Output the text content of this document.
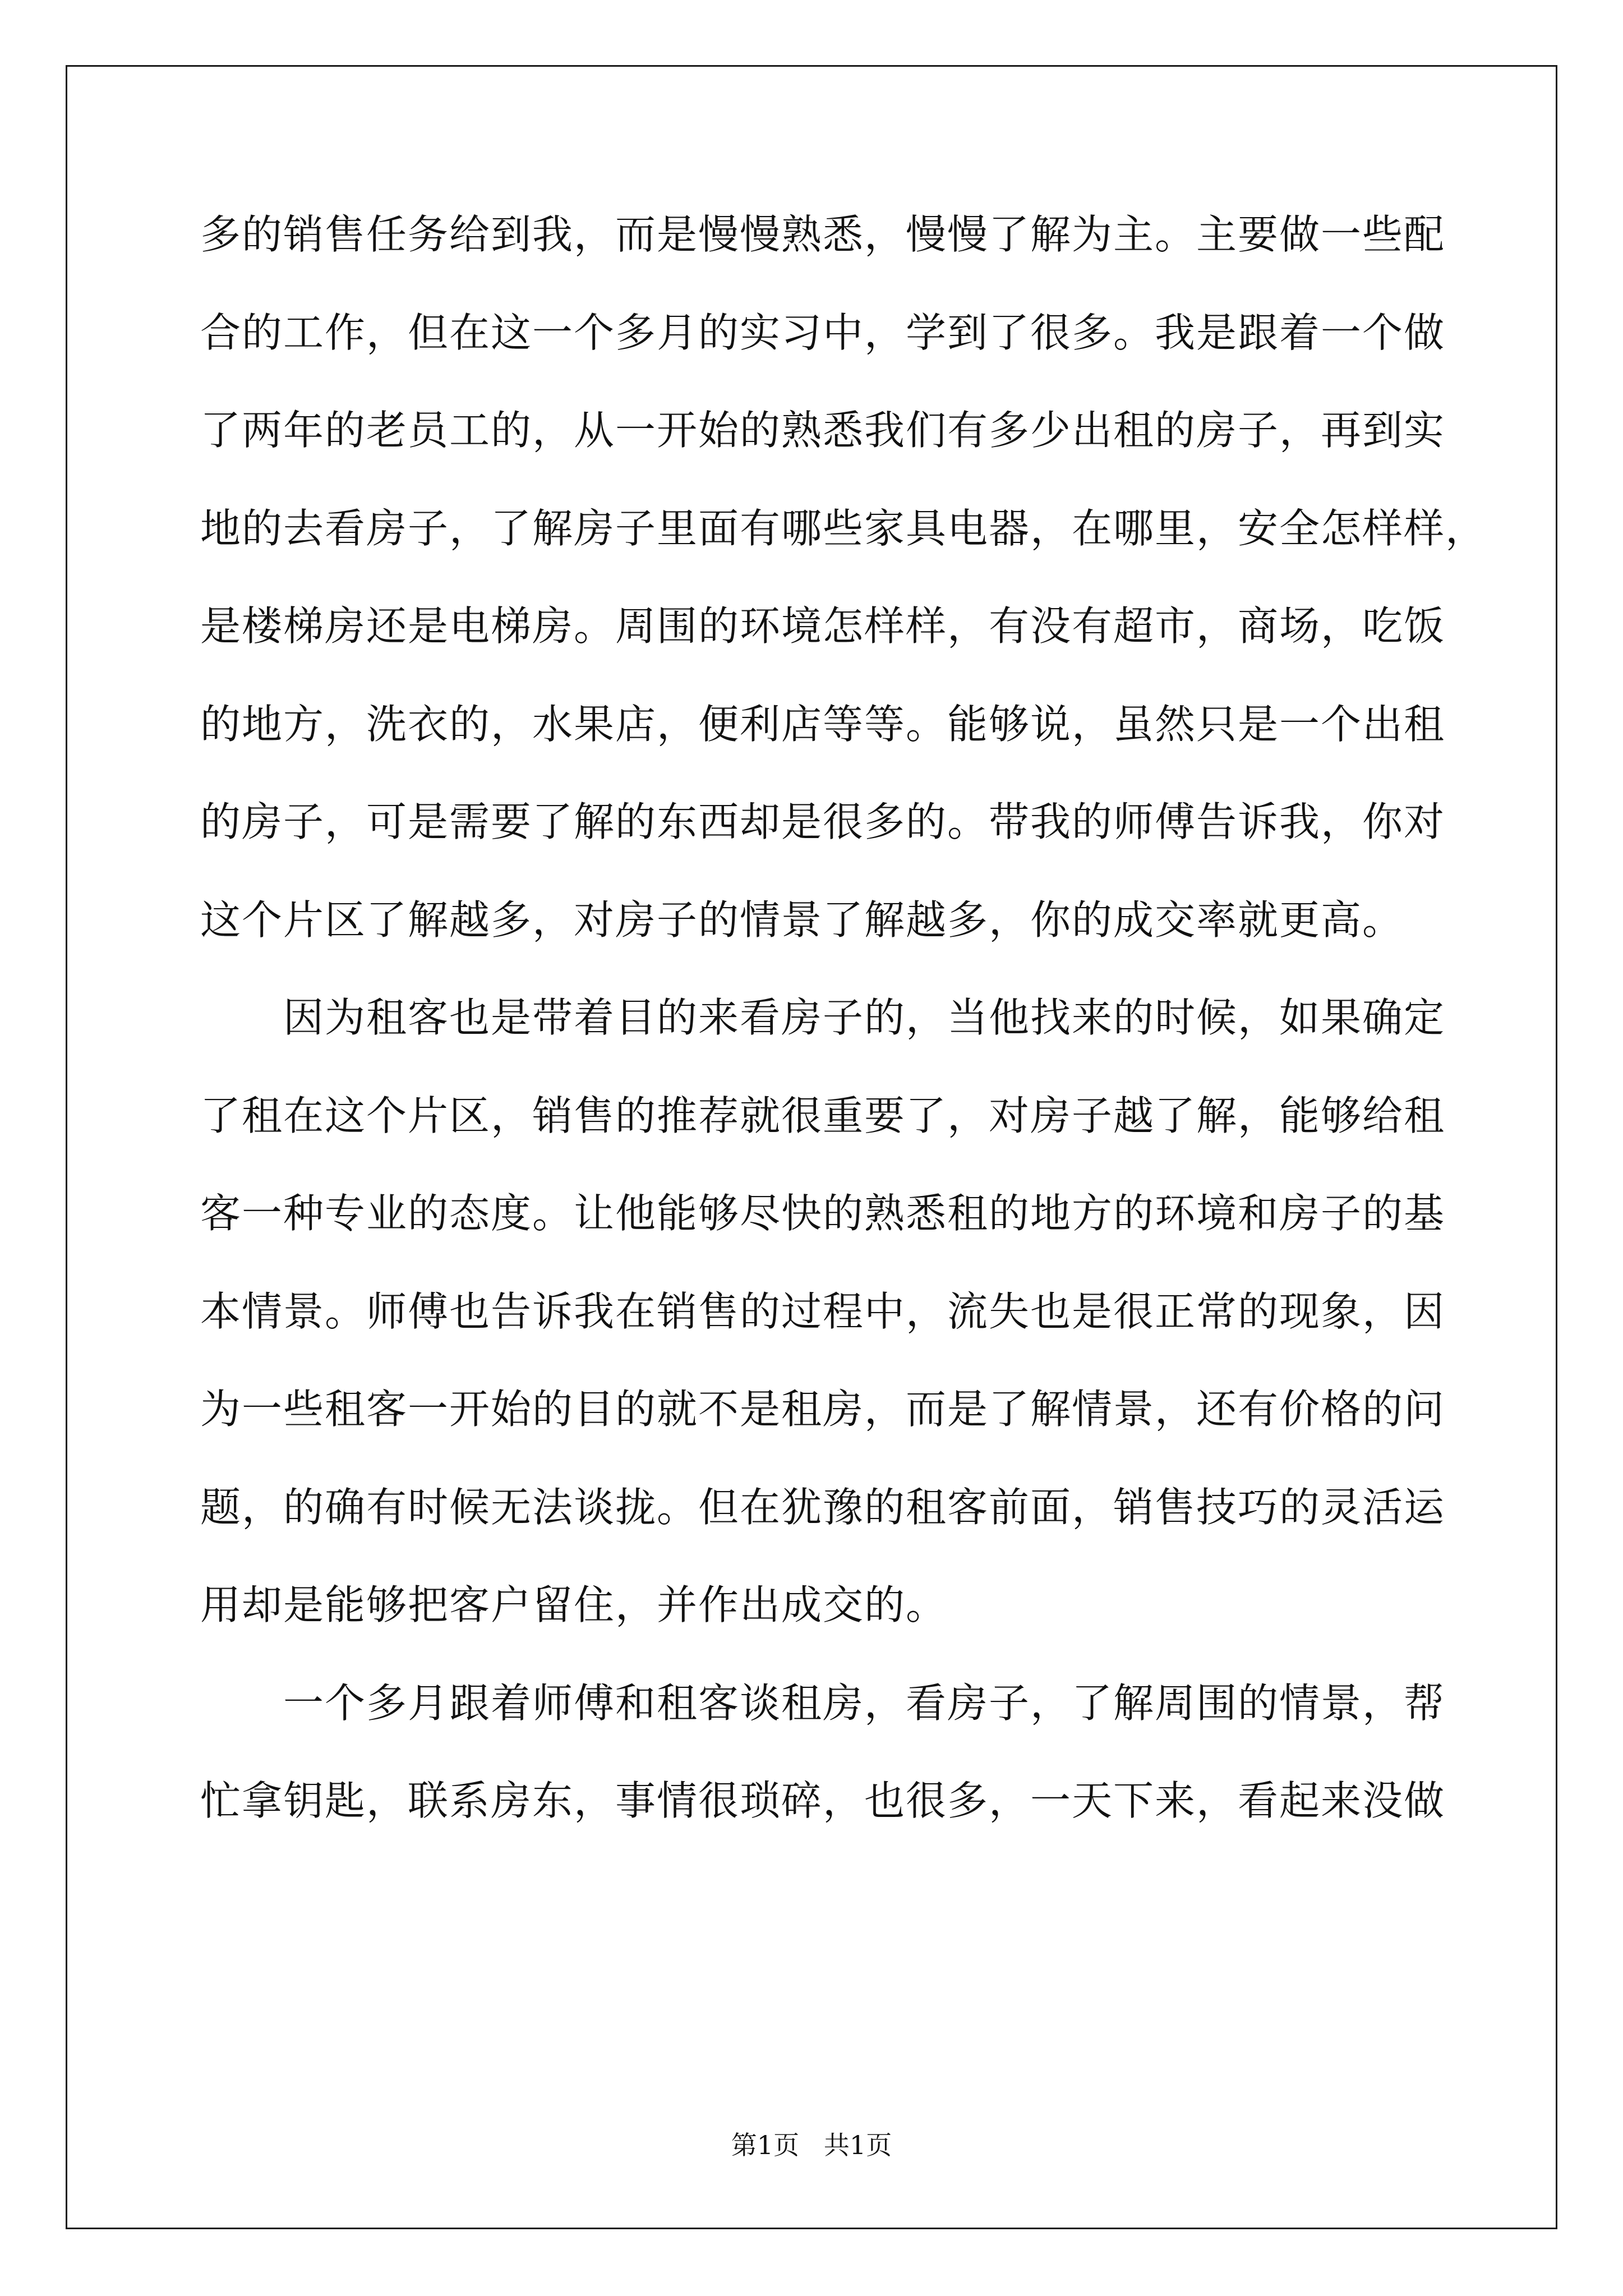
多的销售任务给到我，而是慢慢熟悉，慢慢了解为主。主要做一些配
合的工作，但在这一个多月的实习中，学到了很多。我是跟着一个做
了两年的老员工的，从一开始的熟悉我们有多少出租的房子，再到实
地的去看房子，了解房子里面有哪些家具电器，在哪里，安全怎样样，
是楼梯房还是电梯房。周围的环境怎样样，有没有超市，商场，吃饭
的地方，洗衣的，水果店，便利店等等。能够说，虽然只是一个出租
的房子，可是需要了解的东西却是很多的。带我的师傅告诉我，你对
这个片区了解越多，对房子的情景了解越多，你的成交率就更高。
因为租客也是带着目的来看房子的，当他找来的时候，如果确定
了租在这个片区，销售的推荐就很重要了，对房子越了解，能够给租
客一种专业的态度。让他能够尽快的熟悉租的地方的环境和房子的基
本情景。师傅也告诉我在销售的过程中，流失也是很正常的现象，因
为一些租客一开始的目的就不是租房，而是了解情景，还有价格的问
题，的确有时候无法谈拢。但在犹豫的租客前面，销售技巧的灵活运
用却是能够把客户留住，并作出成交的。
一个多月跟着师傅和租客谈租房，看房子，了解周围的情景，帮
忙拿钥匙，联系房东，事情很琐碎，也很多，一天下来，看起来没做
第1页   共1页
